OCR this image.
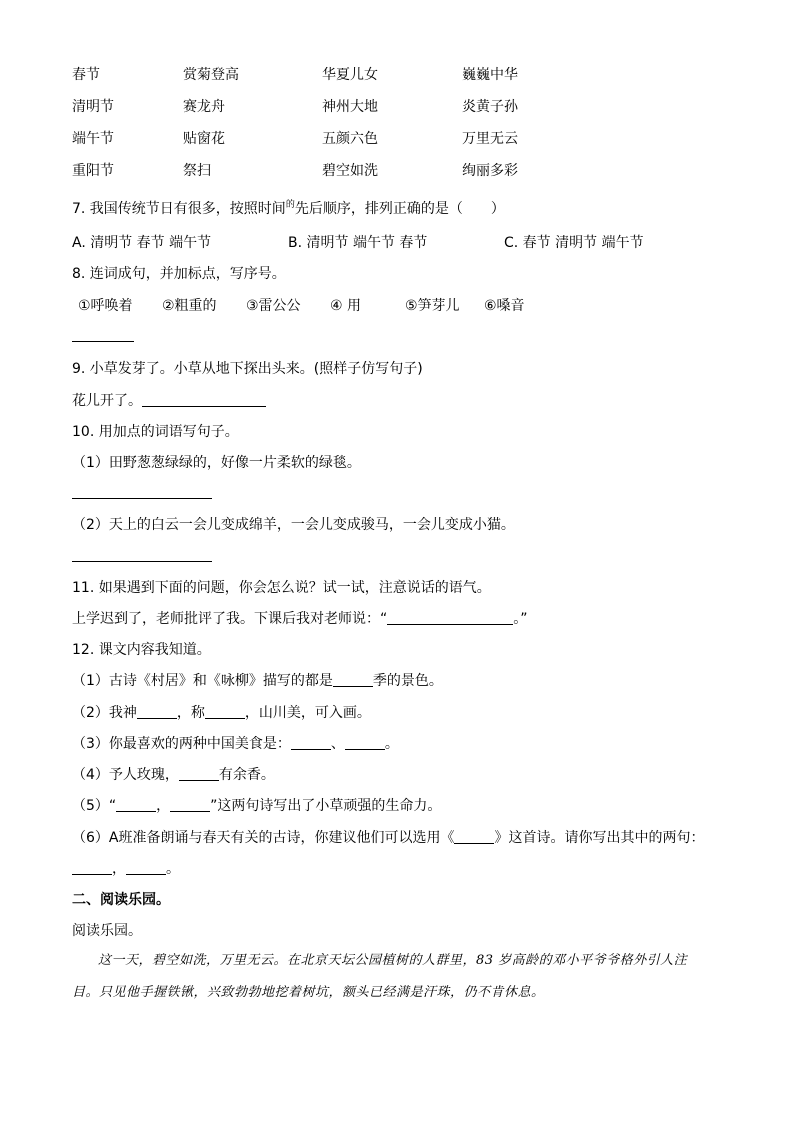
春节	赏菊登高	华夏儿女	巍巍中华
清明节	赛龙舟	神州大地	炎黄子孙
端午节	贴窗花	五颜六色	万里无云
重阳节	祭扫	碧空如洗	绚丽多彩
7. 我国传统节日有很多，按照时间$^的$先后顺序，排列正确的是（　　）
A. 清明节 春节 端午节	B. 清明节 端午节 春节	C. 春节 清明节 端午节
8. 连词成句，并加标点，写序号。
①呼唤着 ②粗重的 ③雷公公 ④ 用	⑤笋芽儿 ⑥嗓音
9. 小草发芽了。小草从地下探出头来。(照样子仿写句子)
花儿开了。
10. 用加点的词语写句子。
（1）田野葱葱绿绿的，好像一片柔软的绿毯。
（2）天上的白云一会儿变成绵羊，一会儿变成骏马，一会儿变成小猫。
11. 如果遇到下面的问题，你会怎么说？试一试，注意说话的语气。
上学迟到了，老师批评了我。下课后我对老师说：“	。”
12. 课文内容我知道。
（1）古诗《村居》和《咏柳》描写的都是	季的景色。
（2）我神	，称	，山川美，可入画。
（3）你最喜欢的两种中国美食是：	、	。
（4）予人玫瑰，	有余香。
（5）“	，	”这两句诗写出了小草顽强的生命力。
（6）A班准备朗诵与春天有关的古诗，你建议他们可以选用《	》这首诗。请你写出其中的两句：
，	。
二、阅读乐园。
阅读乐园。
这一天，碧空如洗，万里无云。在北京天坛公园植树的人群里，83 岁高龄的邓小平爷爷格外引人注
目。只见他手握铁锹，兴致勃勃地挖着树坑，额头已经满是汗珠，仍不肯休息。
